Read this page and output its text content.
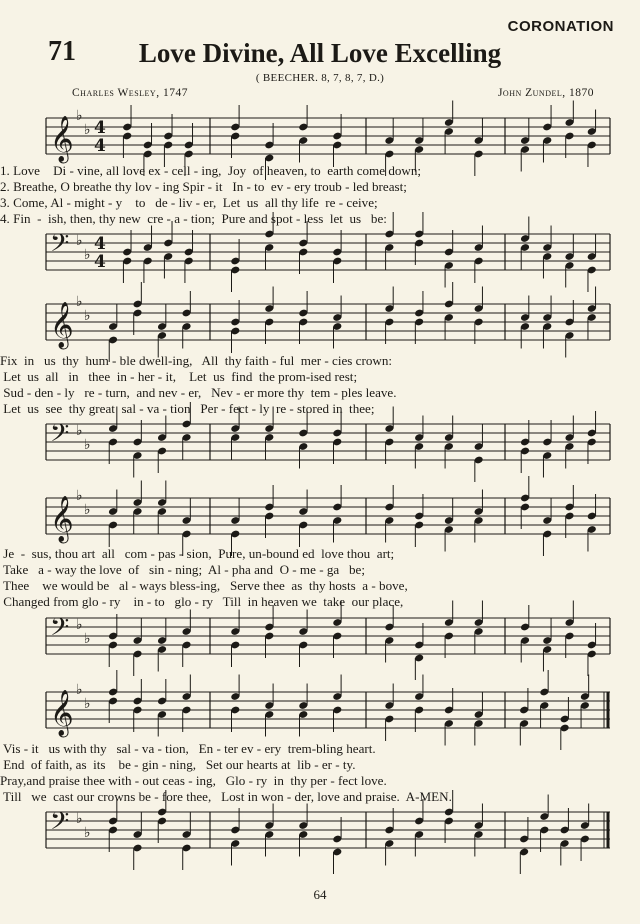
CORONATION
71	Love Divine, All Love Excelling
( BEECHER. 8, 7, 8, 7, D.)
Charles Wesley, 1747	John Zundel, 1870
𝄞 ♭
♭ 4
4
1. Love    Di - vine, all love ex - cell - ing,  Joy  of heaven, to  earth come down;
2. Breathe, O breathe thy lov - ing Spir - it   In - to  ev - ery troub - led breast;
3. Come, Al - might - y    to   de - liv - er,  Let  us  all thy life  re - ceive;
4. Fin  -  ish, then, thy new  cre - a - tion;  Pure and spot - less  let  us   be:
𝄢 ♭
♭
4
4
𝄞 ♭
♭
Fix  in   us  thy  hum - ble dwell-ing,   All  thy faith - ful  mer - cies crown:
Let  us  all   in   thee  in - her - it,    Let  us  find  the prom-ised rest;
Sud - den - ly   re - turn,  and nev - er,   Nev - er more thy  tem - ples leave.
Let  us  see  thy great  sal - va - tion   Per - fect - ly  re - stored in  thee;
𝄢 ♭
♭
𝄞 ♭
♭
Je  -  sus, thou art  all   com - pas - sion,  Pure, un-bound ed  love thou  art;
Take   a - way the love  of   sin - ning;  Al - pha and  O - me - ga   be;
Thee    we would be   al - ways bless-ing,   Serve thee  as  thy hosts  a - bove,
Changed from glo - ry    in - to   glo - ry   Till  in heaven we  take  our place,
𝄢 ♭
♭
𝄞 ♭
♭
Vis - it   us with thy   sal - va - tion,   En - ter ev - ery  trem-bling heart.
End  of faith, as  its    be - gin - ning,   Set our hearts at  lib - er - ty.
Pray,and praise thee with - out ceas - ing,   Glo - ry  in  thy per - fect love.
Till   we  cast our crowns be - fore thee,   Lost in won - der, love and praise.  A-MEN.
𝄢 ♭
♭
64
